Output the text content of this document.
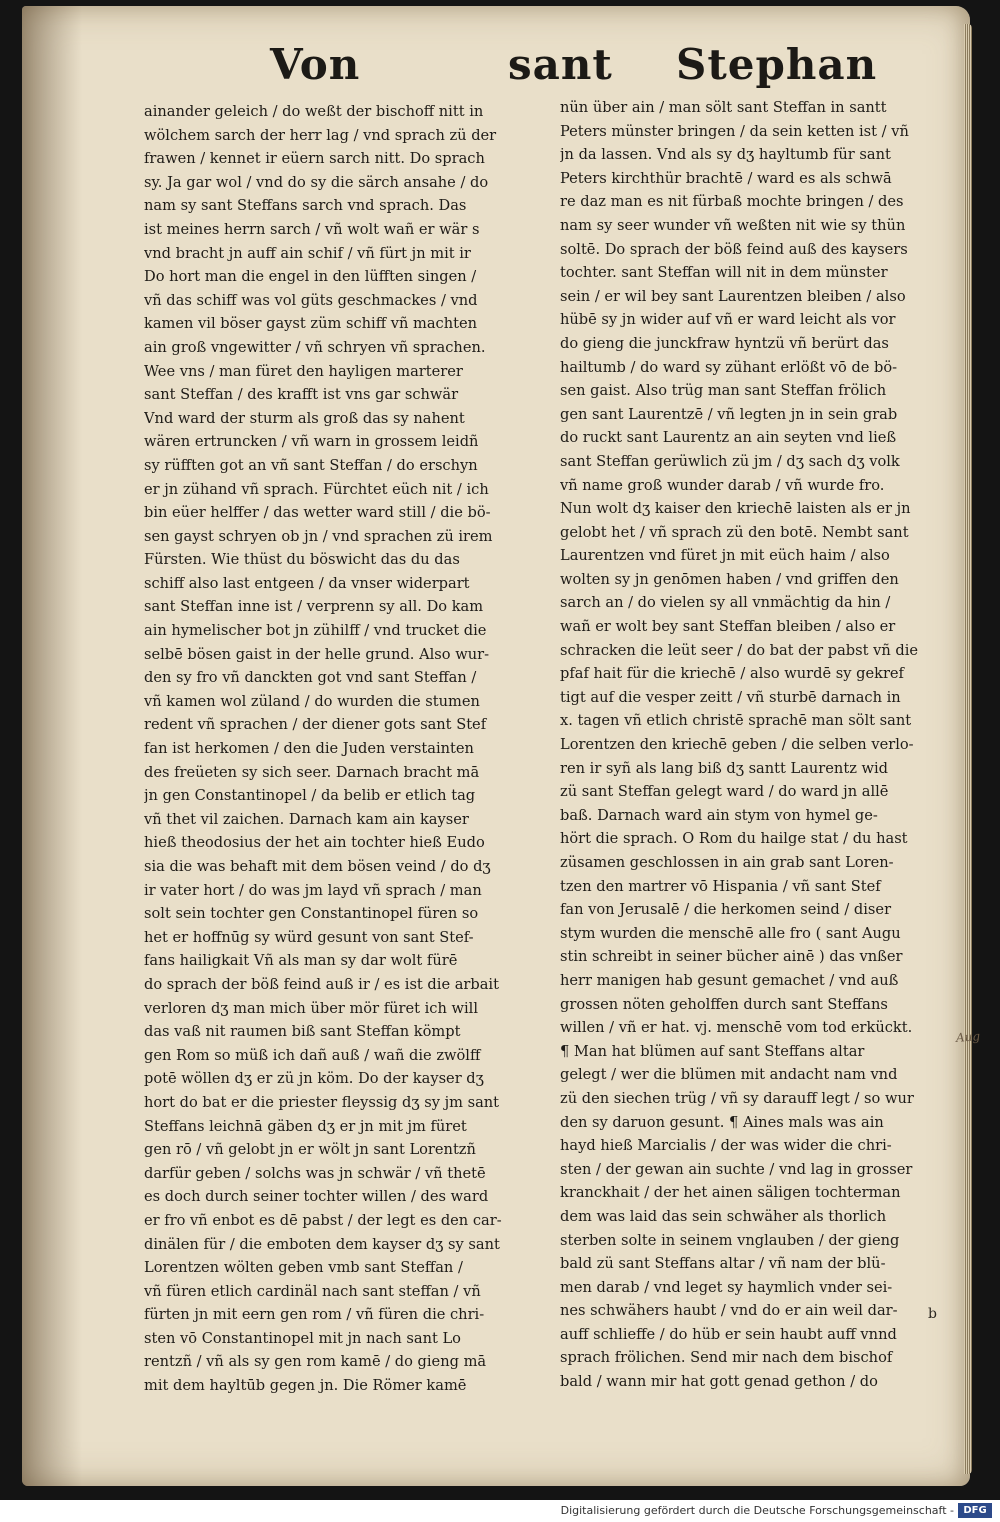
Von	sant Stephan
ainander geleich / do weßt der bischoff nitt in
wölchem sarch der herr lag / vnd sprach zü der
frawen / kennet ir eüern sarch nitt. Do sprach
sy. Ja gar wol / vnd do sy die särch ansahe / do
nam sy sant Steffans sarch vnd sprach. Das
ist meines herrn sarch / vñ wolt wañ er wär s
vnd bracht jn auff ain schif / vñ fürt jn mit ir
Do hort man die engel in den lüfften singen /
vñ das schiff was vol güts geschmackes / vnd
kamen vil böser gayst züm schiff vñ machten
ain groß vngewitter / vñ schryen vñ sprachen.
Wee vns / man füret den hayligen marterer
sant Steffan / des krafft ist vns gar schwär
Vnd ward der sturm als groß das sy nahent
wären ertruncken / vñ warn in grossem leidñ
sy rüfften got an vñ sant Steffan / do erschyn
er jn zühand vñ sprach. Fürchtet eüch nit / ich
bin eüer helffer / das wetter ward still / die bö-
sen gayst schryen ob jn / vnd sprachen zü irem
Fürsten. Wie thüst du böswicht das du das
schiff also last entgeen / da vnser widerpart
sant Steffan inne ist / verprenn sy all. Do kam
ain hymelischer bot jn zühilff / vnd trucket die
selbē bösen gaist in der helle grund. Also wur-
den sy fro vñ danckten got vnd sant Steffan /
vñ kamen wol züland / do wurden die stumen
redent vñ sprachen / der diener gots sant Stef
fan ist herkomen / den die Juden verstainten
des freüeten sy sich seer. Darnach bracht mā
jn gen Constantinopel / da belib er etlich tag
vñ thet vil zaichen. Darnach kam ain kayser
hieß theodosius der het ain tochter hieß Eudo
sia die was behaft mit dem bösen veind / do dʒ
ir vater hort / do was jm layd vñ sprach / man
solt sein tochter gen Constantinopel füren so
het er hoffnūg sy würd gesunt von sant Stef-
fans hailigkait Vñ als man sy dar wolt fürē
do sprach der böß feind auß ir / es ist die arbait
verloren dʒ man mich über mör füret ich will
das vaß nit raumen biß sant Steffan kömpt
gen Rom so müß ich dañ auß / wañ die zwölff
potē wöllen dʒ er zü jn köm. Do der kayser dʒ
hort do bat er die priester fleyssig dʒ sy jm sant
Steffans leichnā gäben dʒ er jn mit jm füret
gen rō / vñ gelobt jn er wölt jn sant Lorentzñ
darfür geben / solchs was jn schwär / vñ thetē
es doch durch seiner tochter willen / des ward
er fro vñ enbot es dē pabst / der legt es den car-
dinälen für / die emboten dem kayser dʒ sy sant
Lorentzen wölten geben vmb sant Steffan /
vñ füren etlich cardinäl nach sant steffan / vñ
fürten jn mit eern gen rom / vñ füren die chri-
sten vō Constantinopel mit jn nach sant Lo
rentzñ / vñ als sy gen rom kamē / do gieng mā
mit dem hayltūb gegen jn. Die Römer kamē
nün über ain / man sölt sant Steffan in santt
Peters münster bringen / da sein ketten ist / vñ
jn da lassen. Vnd als sy dʒ hayltumb für sant
Peters kirchthür brachtē / ward es als schwā
re daz man es nit fürbaß mochte bringen / des
nam sy seer wunder vñ weßten nit wie sy thün
soltē. Do sprach der böß feind auß des kaysers
tochter. sant Steffan will nit in dem münster
sein / er wil bey sant Laurentzen bleiben / also
hübē sy jn wider auf vñ er ward leicht als vor
do gieng die junckfraw hyntzü vñ berürt das
hailtumb / do ward sy zühant erlößt vō de bö-
sen gaist. Also trüg man sant Steffan frölich
gen sant Laurentzē / vñ legten jn in sein grab
do ruckt sant Laurentz an ain seyten vnd ließ
sant Steffan gerüwlich zü jm / dʒ sach dʒ volk
vñ name groß wunder darab / vñ wurde fro.
Nun wolt dʒ kaiser den kriechē laisten als er jn
gelobt het / vñ sprach zü den botē. Nembt sant
Laurentzen vnd füret jn mit eüch haim / also
wolten sy jn genōmen haben / vnd griffen den
sarch an / do vielen sy all vnmächtig da hin /
wañ er wolt bey sant Steffan bleiben / also er
schracken die leüt seer / do bat der pabst vñ die
pfaf hait für die kriechē / also wurdē sy gekref
tigt auf die vesper zeitt / vñ sturbē darnach in
x. tagen vñ etlich christē sprachē man sölt sant
Lorentzen den kriechē geben / die selben verlo-
ren ir syñ als lang biß dʒ santt Laurentz wid
zü sant Steffan gelegt ward / do ward jn allē
baß. Darnach ward ain stym von hymel ge-
hört die sprach. O Rom du hailge stat / du hast
züsamen geschlossen in ain grab sant Loren-
tzen den martrer vō Hispania / vñ sant Stef
fan von Jerusalē / die herkomen seind / diser
stym wurden die menschē alle fro ( sant Augu
stin schreibt in seiner bücher ainē ) das vnßer
herr manigen hab gesunt gemachet / vnd auß
grossen nöten geholffen durch sant Steffans
willen / vñ er hat. vj. menschē vom tod erkückt.
¶ Man hat blümen auf sant Steffans altar
gelegt / wer die blümen mit andacht nam vnd
zü den siechen trüg / vñ sy darauff legt / so wur
den sy daruon gesunt. ¶ Aines mals was ain
hayd hieß Marcialis / der was wider die chri-
sten / der gewan ain suchte / vnd lag in grosser
kranckhait / der het ainen säligen tochterman
dem was laid das sein schwäher als thorlich
sterben solte in seinem vnglauben / der gieng
bald zü sant Steffans altar / vñ nam der blü-
men darab / vnd leget sy haymlich vnder sei-
nes schwähers haubt / vnd do er ain weil dar-
auff schlieffe / do hüb er sein haubt auff vnnd
sprach frölichen. Send mir nach dem bischof
bald / wann mir hat gott genad gethon / do
Aug
b
Digitalisierung gefördert durch die Deutsche Forschungsgemeinschaft - DFG
